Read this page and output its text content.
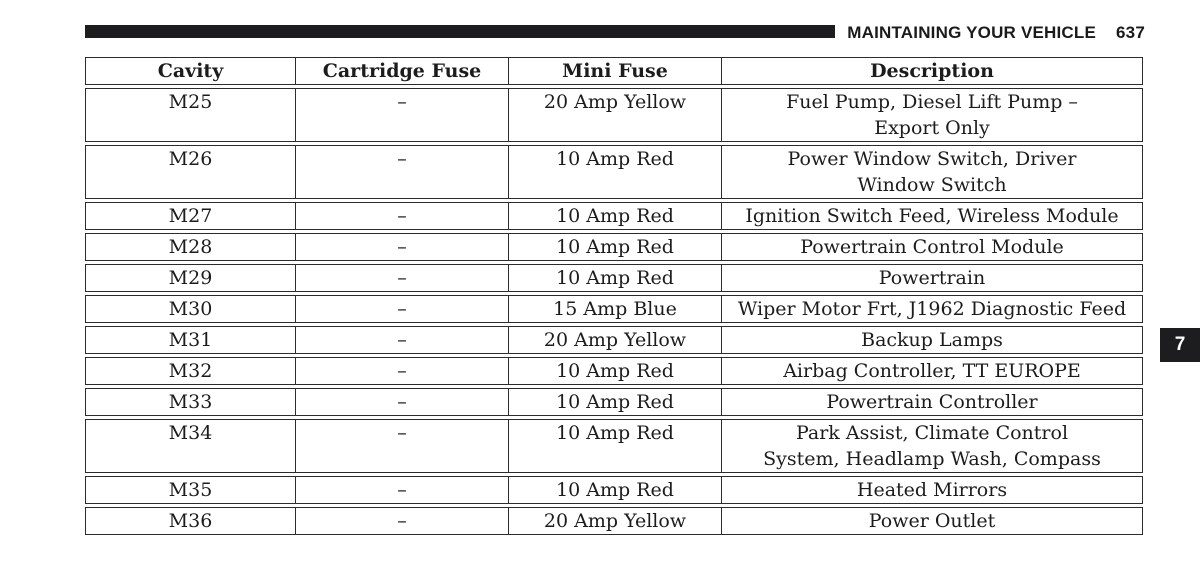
MAINTAINING YOUR VEHICLE 637
Cavity	Cartridge Fuse	Mini Fuse	Description
M25	–	20 Amp Yellow	Fuel Pump, Diesel Lift Pump – Export Only
M26	–	10 Amp Red	Power Window Switch, Driver Window Switch
M27	–	10 Amp Red	Ignition Switch Feed, Wireless Module
M28	–	10 Amp Red	Powertrain Control Module
M29	–	10 Amp Red	Powertrain
M30	–	15 Amp Blue	Wiper Motor Frt, J1962 Diagnostic Feed
M31	–	20 Amp Yellow	Backup Lamps
M32	–	10 Amp Red	Airbag Controller, TT EUROPE
M33	–	10 Amp Red	Powertrain Controller
M34	–	10 Amp Red	Park Assist, Climate Control System, Headlamp Wash, Compass
M35	–	10 Amp Red	Heated Mirrors
M36	–	20 Amp Yellow	Power Outlet
7
